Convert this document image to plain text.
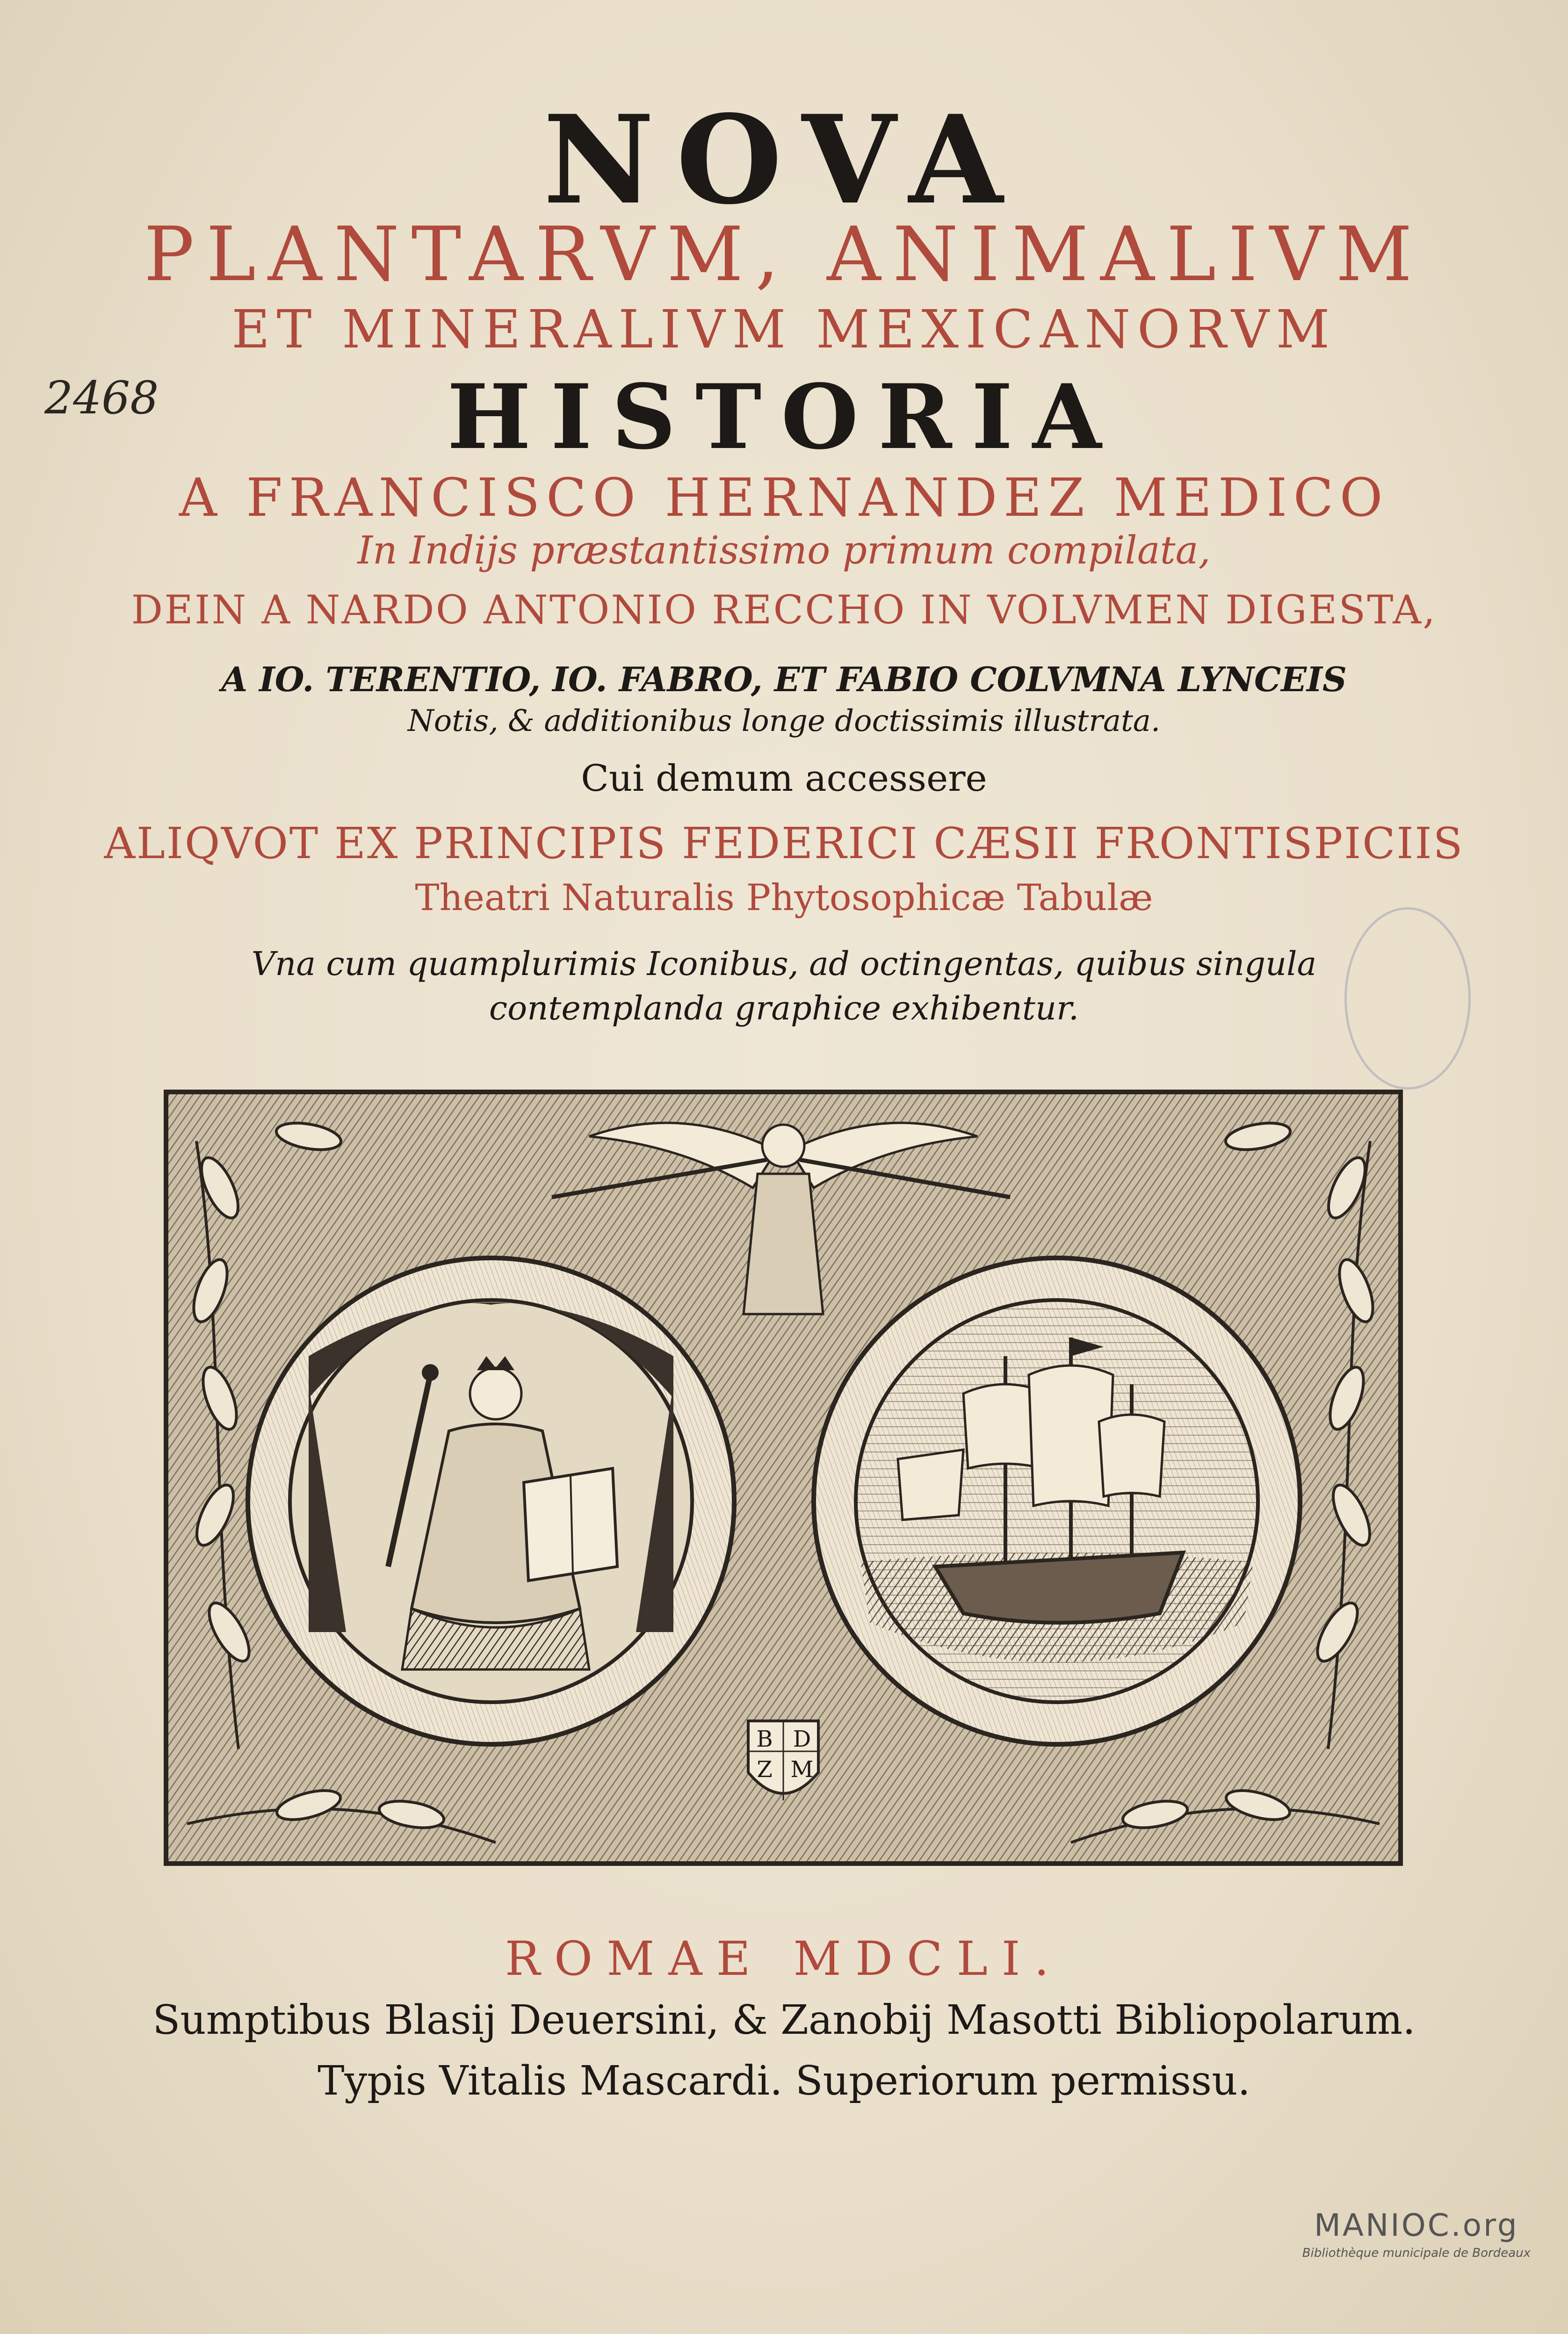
2468
NOVA
PLANTARVM, ANIMALIVM
ET MINERALIVM MEXICANORVM
HISTORIA
A FRANCISCO HERNANDEZ MEDICO
In Indijs præstantissimo primum compilata,
DEIN A NARDO ANTONIO RECCHO IN VOLVMEN DIGESTA,
A IO. TERENTIO, IO. FABRO, ET FABIO COLVMNA LYNCEIS
Notis, & additionibus longe doctissimis illustrata.
Cui demum accessere
ALIQVOT EX PRINCIPIS FEDERICI CÆSII FRONTISPICIIS
Theatri Naturalis Phytosophicæ Tabulæ
Vna cum quamplurimis Iconibus, ad octingentas, quibus singula
contemplanda graphice exhibentur.
B D
Z M
ROMAE MDCLI.
Sumptibus Blasij Deuersini, & Zanobij Masotti Bibliopolarum.
Typis Vitalis Mascardi. Superiorum permissu.
MANIOC.org
Bibliothèque municipale de Bordeaux
